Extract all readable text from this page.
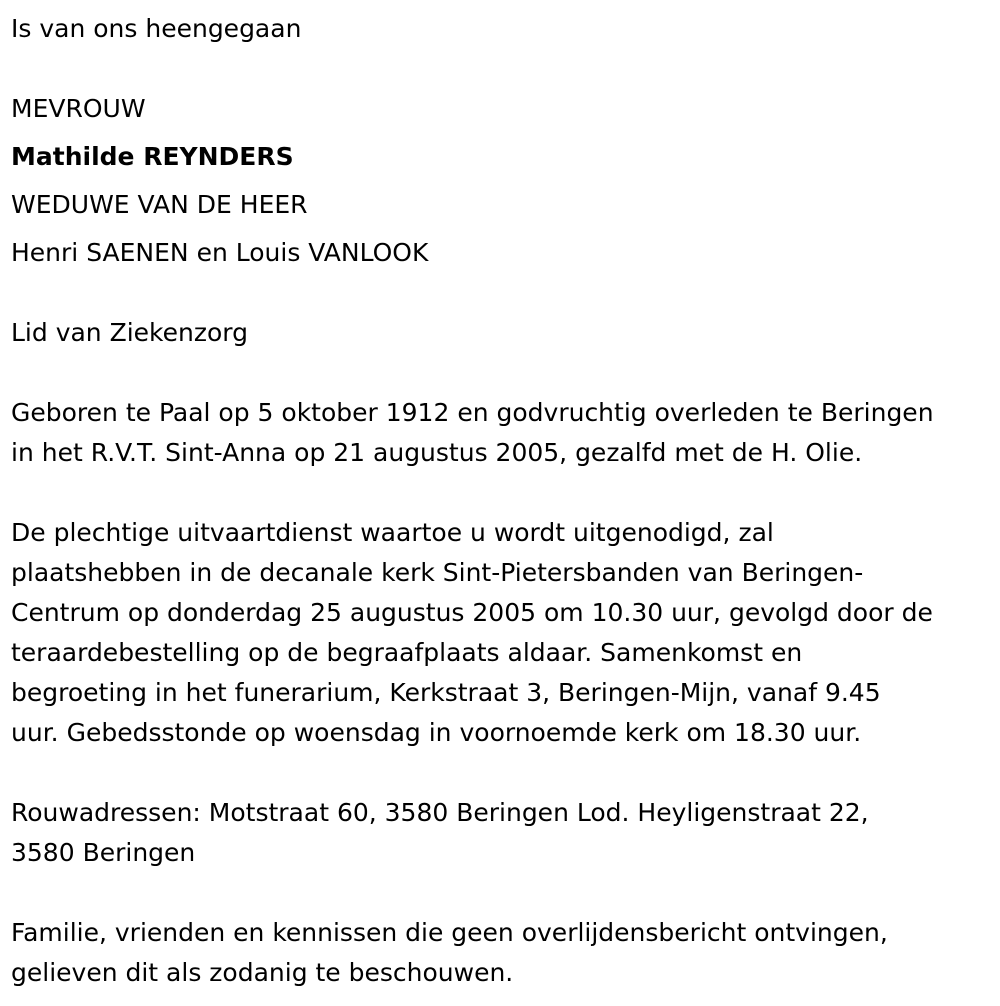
Is van ons heengegaan

MEVROUW

Mathilde REYNDERS

WEDUWE VAN DE HEER

Henri SAENEN en Louis VANLOOK

Lid van Ziekenzorg

Geboren te Paal op 5 oktober 1912 en godvruchtig overleden te Beringen

in het R.V.T. Sint-Anna op 21 augustus 2005, gezalfd met de H. Olie.

De plechtige uitvaartdienst waartoe u wordt uitgenodigd, zal

plaatshebben in de decanale kerk Sint-Pietersbanden van Beringen-

Centrum op donderdag 25 augustus 2005 om 10.30 uur, gevolgd door de

teraardebestelling op de begraafplaats aldaar. Samenkomst en

begroeting in het funerarium, Kerkstraat 3, Beringen-Mijn, vanaf 9.45

uur. Gebedsstonde op woensdag in voornoemde kerk om 18.30 uur.

Rouwadressen: Motstraat 60, 3580 Beringen Lod. Heyligenstraat 22,

3580 Beringen

Familie, vrienden en kennissen die geen overlijdensbericht ontvingen,

gelieven dit als zodanig te beschouwen.
